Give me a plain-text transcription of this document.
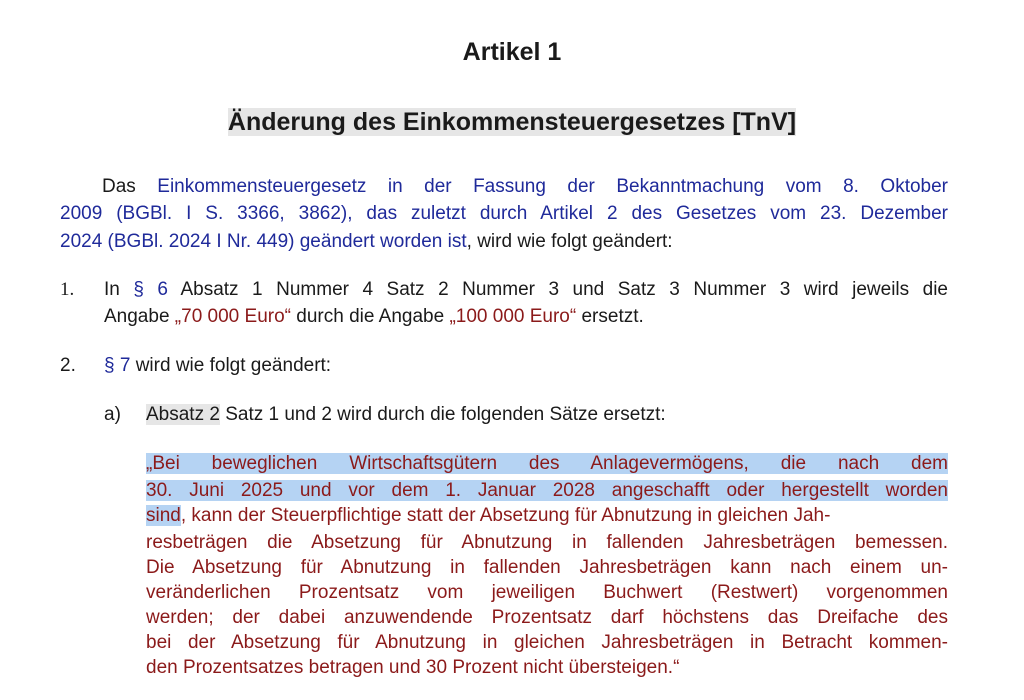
Artikel 1
Änderung des Einkommensteuergesetzes [TnV]
Das Einkommensteuergesetz in der Fassung der Bekanntmachung vom 8. Oktober
2009 (BGBl. I S. 3366, 3862), das zuletzt durch Artikel 2 des Gesetzes vom 23. Dezember
2024 (BGBl. 2024 I Nr. 449) geändert worden ist, wird wie folgt geändert:
1. In § 6 Absatz 1 Nummer 4 Satz 2 Nummer 3 und Satz 3 Nummer 3 wird jeweils die
Angabe „70 000 Euro“ durch die Angabe „100 000 Euro“ ersetzt.
2. § 7 wird wie folgt geändert:
a) Absatz 2 Satz 1 und 2 wird durch die folgenden Sätze ersetzt:
„Bei beweglichen Wirtschaftsgütern des Anlagevermögens, die nach dem
30. Juni 2025 und vor dem 1. Januar 2028 angeschafft oder hergestellt worden
sind, kann der Steuerpflichtige statt der Absetzung für Abnutzung in gleichen Jah-
resbeträgen die Absetzung für Abnutzung in fallenden Jahresbeträgen bemessen.
Die Absetzung für Abnutzung in fallenden Jahresbeträgen kann nach einem un-
veränderlichen Prozentsatz vom jeweiligen Buchwert (Restwert) vorgenommen
werden; der dabei anzuwendende Prozentsatz darf höchstens das Dreifache des
bei der Absetzung für Abnutzung in gleichen Jahresbeträgen in Betracht kommen-
den Prozentsatzes betragen und 30 Prozent nicht übersteigen.“
